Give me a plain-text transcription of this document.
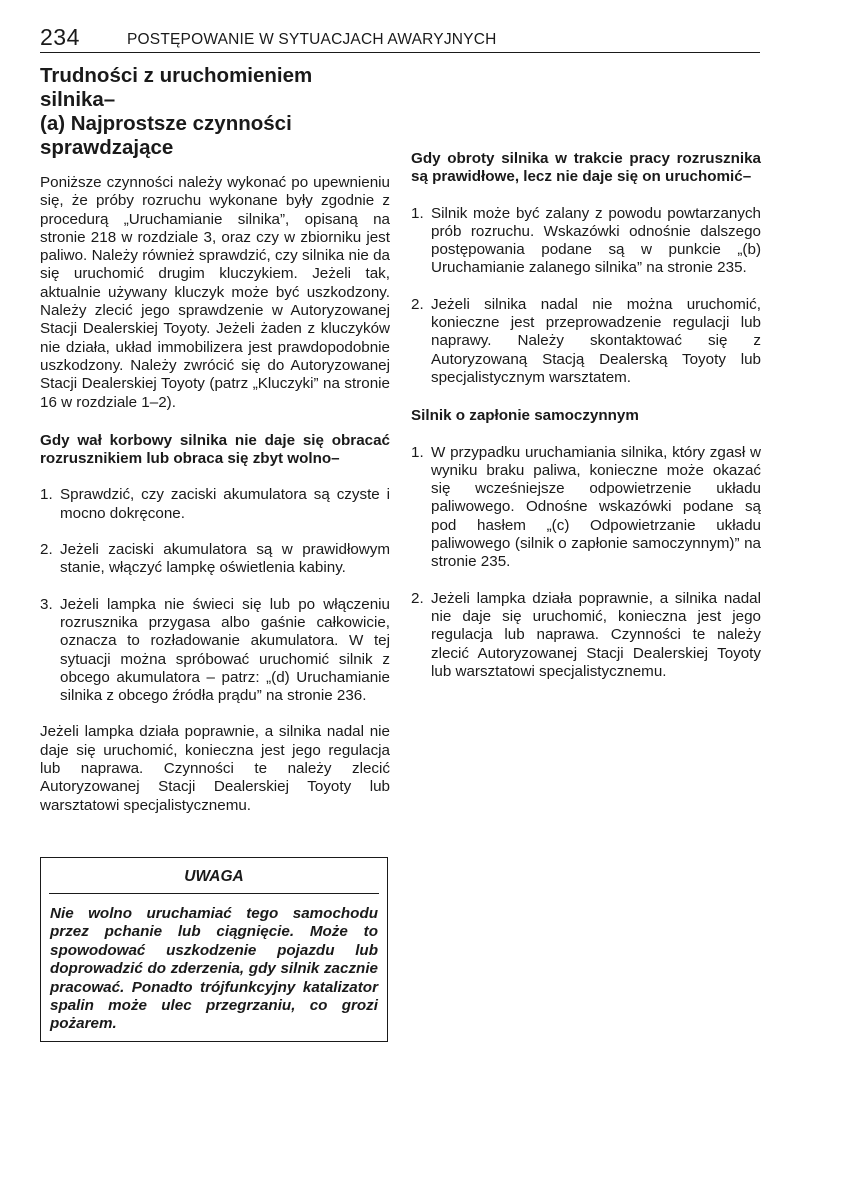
234	POSTĘPOWANIE W SYTUACJACH AWARYJNYCH
Trudności z uruchomieniem silnika–
(a) Najprostsze czynności
sprawdzające

Poniższe czynności należy wykonać po upewnieniu się, że próby rozruchu wykonane były zgodnie z procedurą „Uruchamianie silnika”, opisaną na stronie 218 w rozdziale 3, oraz czy w zbiorniku jest paliwo. Należy również sprawdzić, czy silnika nie da się uruchomić drugim kluczykiem. Jeżeli tak, aktualnie używany kluczyk może być uszkodzony. Należy zlecić jego sprawdzenie w Autoryzowanej Stacji Dealerskiej Toyoty. Jeżeli żaden z kluczyków nie działa, układ immobilizera jest prawdopodobnie uszkodzony. Należy zwrócić się do Autoryzowanej Stacji Dealerskiej Toyoty (patrz „Kluczyki” na stronie 16 w rozdziale 1–2).

Gdy wał korbowy silnika nie daje się obracać rozrusznikiem lub obraca się zbyt wolno–

1. Sprawdzić, czy zaciski akumulatora są czyste i mocno dokręcone.
2. Jeżeli zaciski akumulatora są w prawidłowym stanie, włączyć lampkę oświetlenia kabiny.
3. Jeżeli lampka nie świeci się lub po włączeniu rozrusznika przygasa albo gaśnie całkowicie, oznacza to rozładowanie akumulatora. W tej sytuacji można spróbować uruchomić silnik z obcego akumulatora – patrz: „(d) Uruchamianie silnika z obcego źródła prądu” na stronie 236.

Jeżeli lampka działa poprawnie, a silnika nadal nie daje się uruchomić, konieczna jest jego regulacja lub naprawa. Czynności te należy zlecić Autoryzowanej Stacji Dealerskiej Toyoty lub warsztatowi specjalistycznemu.

UWAGA
Nie wolno uruchamiać tego samochodu przez pchanie lub ciągnięcie. Może to spowodować uszkodzenie pojazdu lub doprowadzić do zderzenia, gdy silnik zacznie pracować. Ponadto trójfunkcyjny katalizator spalin może ulec przegrzaniu, co grozi pożarem.

Gdy obroty silnika w trakcie pracy rozrusznika są prawidłowe, lecz nie daje się on uruchomić–

1. Silnik może być zalany z powodu powtarzanych prób rozruchu. Wskazówki odnośnie dalszego postępowania podane są w punkcie „(b) Uruchamianie zalanego silnika” na stronie 235.
2. Jeżeli silnika nadal nie można uruchomić, konieczne jest przeprowadzenie regulacji lub naprawy. Należy skontaktować się z Autoryzowaną Stacją Dealerską Toyoty lub specjalistycznym warsztatem.

Silnik o zapłonie samoczynnym

1. W przypadku uruchamiania silnika, który zgasł w wyniku braku paliwa, konieczne może okazać się wcześniejsze odpowietrzenie układu paliwowego. Odnośne wskazówki podane są pod hasłem „(c) Odpowietrzanie układu paliwowego (silnik o zapłonie samoczynnym)” na stronie 235.
2. Jeżeli lampka działa poprawnie, a silnika nadal nie daje się uruchomić, konieczna jest jego regulacja lub naprawa. Czynności te należy zlecić Autoryzowanej Stacji Dealerskiej Toyoty lub warsztatowi specjalistycznemu.
